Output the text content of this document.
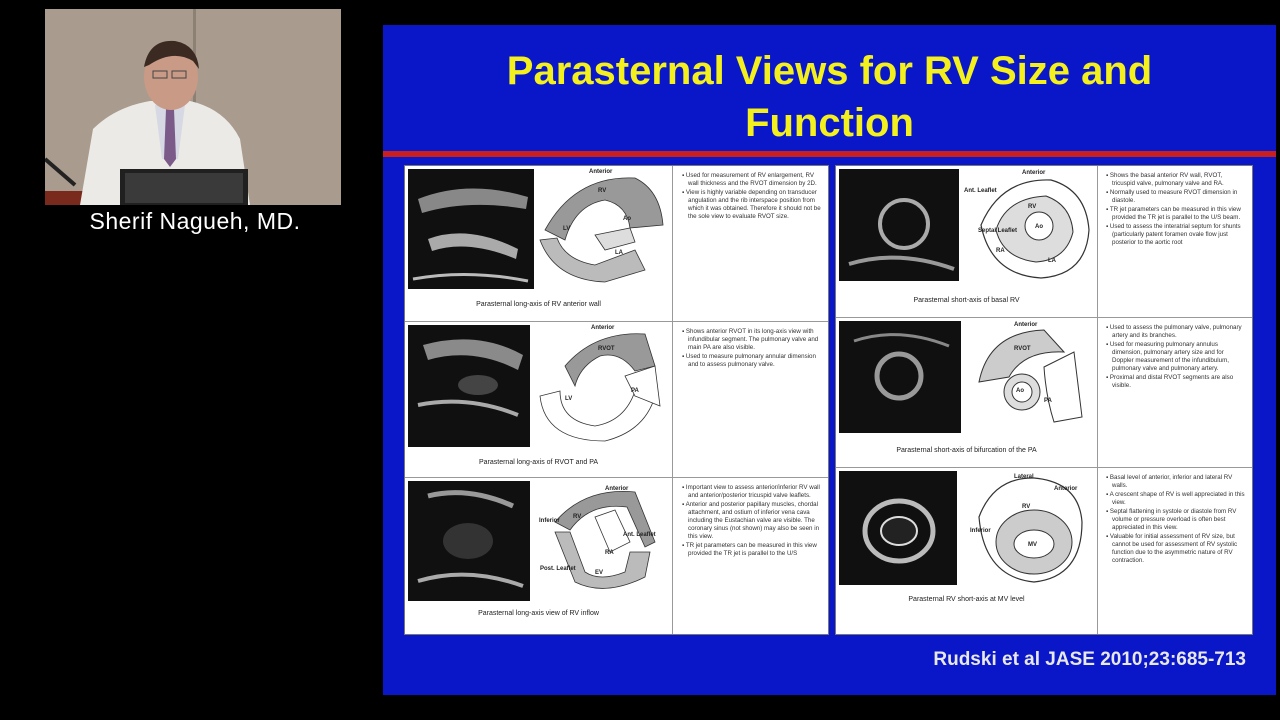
Sherif Nagueh, MD.
Parasternal Views for RV Size and
Function
Anterior
RV
Ao
LV
LA
Parasternal long-axis of RV anterior wall

▪ Used for measurement of RV enlargement, RV wall thickness and the RVOT dimension by 2D.

▪ View is highly variable depending on transducer angulation and the rib interspace position from which it was obtained. Therefore it should not be the sole view to evaluate RVOT size.

Anterior
RVOT
LV
PA
Parasternal long-axis of RVOT and PA

▪ Shows anterior RVOT in its long-axis view with infundibular segment. The pulmonary valve and main PA are also visible.

▪ Used to measure pulmonary annular dimension and to assess pulmonary valve.

Anterior
Inferior
RV
Ant. Leaflet
RA
Post. Leaflet
EV
Parasternal long-axis view of RV inflow

▪ Important view to assess anterior/inferior RV wall and anterior/posterior tricuspid valve leaflets.

▪ Anterior and posterior papillary muscles, chordal attachment, and ostium of inferior vena cava including the Eustachian valve are visible. The coronary sinus (not shown) may also be seen in this view.

▪ TR jet parameters can be measured in this view provided the TR jet is parallel to the U/S

Anterior
Ant. Leaflet
RV
Septal Leaflet
Ao
RA
LA
Parasternal short-axis of basal RV

▪ Shows the basal anterior RV wall, RVOT, tricuspid valve, pulmonary valve and RA.

▪ Normally used to measure RVOT dimension in diastole.

▪ TR jet parameters can be measured in this view provided the TR jet is parallel to the U/S beam.

▪ Used to assess the interatrial septum for shunts (particularly patent foramen ovale flow just posterior to the aortic root

Anterior
RVOT
Ao
PA
Parasternal short-axis of bifurcation of the PA

▪ Used to assess the pulmonary valve, pulmonary artery and its branches.

▪ Used for measuring pulmonary annulus dimension, pulmonary artery size and for Doppler measurement of the infundibulum, pulmonary valve and pulmonary artery.

▪ Proximal and distal RVOT segments are also visible.

Lateral
Anterior
RV
Inferior
MV
Parasternal RV short-axis at MV level

▪ Basal level of anterior, inferior and lateral RV walls.

▪ A crescent shape of RV is well appreciated in this view.

▪ Septal flattening in systole or diastole from RV volume or pressure overload is often best appreciated in this view.

▪ Valuable for initial assessment of RV size, but cannot be used for assessment of RV systolic function due to the asymmetric nature of RV contraction.

Rudski et al JASE 2010;23:685-713
